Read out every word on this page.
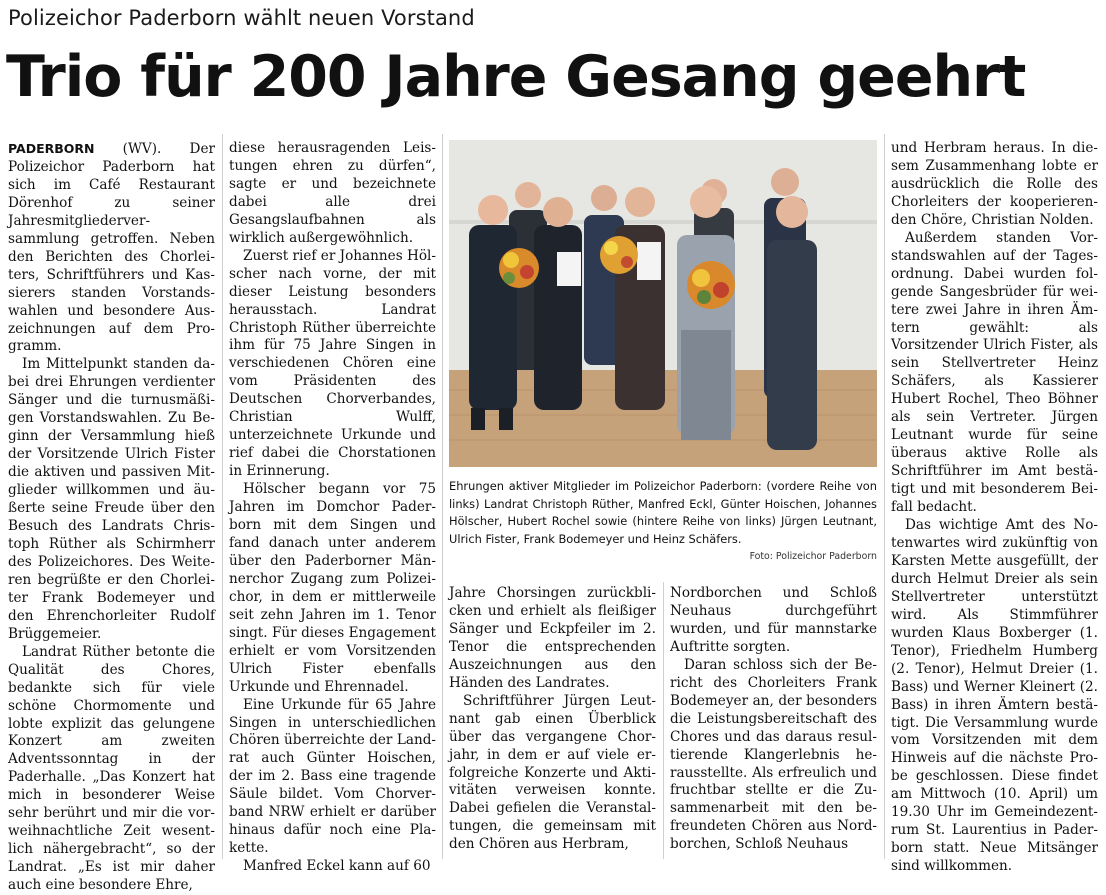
Polizeichor Paderborn wählt neuen Vorstand
Trio für 200 Jahre Gesang geehrt

PADERBORN (WV). Der Polizeichor Paderborn hat sich im Café Restaurant Dörenhof zu seiner Jahresmitgliederversammlung getroffen. Neben den Berichten des Chorleiters, Schriftführers und Kassierers standen Vorstandswahlen und besondere Auszeichnungen auf dem Programm.

Im Mittelpunkt standen dabei drei Ehrungen verdienter Sänger und die turnusmäßigen Vorstandswahlen. Zu Beginn der Versammlung hieß der Vorsitzende Ulrich Fister die aktiven und passiven Mitglieder willkommen und äußerte seine Freude über den Besuch des Landrats Christoph Rüther als Schirmherr des Polizeichores. Des Weiteren begrüßte er den Chorleiter Frank Bodemeyer und den Ehrenchorleiter Rudolf Brüggemeier.

Landrat Rüther betonte die Qualität des Chores, bedankte sich für viele schöne Chormomente und lobte explizit das gelungene Konzert am zweiten Adventssonntag in der Paderhalle. „Das Konzert hat mich in besonderer Weise sehr berührt und mir die vorweihnachtliche Zeit wesentlich nähergebracht“, so der Landrat. „Es ist mir daher auch eine besondere Ehre,

diese herausragenden Leistungen ehren zu dürfen“, sagte er und bezeichnete dabei alle drei Gesangslaufbahnen als wirklich außergewöhnlich.

Zuerst rief er Johannes Hölscher nach vorne, der mit dieser Leistung besonders herausstach. Landrat Christoph Rüther überreichte ihm für 75 Jahre Singen in verschiedenen Chören eine vom Präsidenten des Deutschen Chorverbandes, Christian Wulff, unterzeichnete Urkunde und rief dabei die Chorstationen in Erinnerung.

Hölscher begann vor 75 Jahren im Domchor Paderborn mit dem Singen und fand danach unter anderem über den Paderborner Männerchor Zugang zum Polizeichor, in dem er mittlerweile seit zehn Jahren im 1. Tenor singt. Für dieses Engagement erhielt er vom Vorsitzenden Ulrich Fister ebenfalls Urkunde und Ehrennadel.

Eine Urkunde für 65 Jahre Singen in unterschiedlichen Chören überreichte der Landrat auch Günter Hoischen, der im 2. Bass eine tragende Säule bildet. Vom Chorverband NRW erhielt er darüber hinaus dafür noch eine Plakette.

Manfred Eckel kann auf 60

Ehrungen aktiver Mitglieder im Polizeichor Paderborn: (vordere Reihe von links) Landrat Christoph Rüther, Manfred Eckl, Günter Hoischen, Johannes Hölscher, Hubert Rochel sowie (hintere Reihe von links) Jürgen Leutnant, Ulrich Fister, Frank Bodemeyer und Heinz Schäfers.
Foto: Polizeichor Paderborn

Jahre Chorsingen zurückblicken und erhielt als fleißiger Sänger und Eckpfeiler im 2. Tenor die entsprechenden Auszeichnungen aus den Händen des Landrates.

Schriftführer Jürgen Leutnant gab einen Überblick über das vergangene Chorjahr, in dem er auf viele erfolgreiche Konzerte und Aktivitäten verweisen konnte. Dabei gefielen die Veranstaltungen, die gemeinsam mit den Chören aus Herbram,

Nordborchen und Schloß Neuhaus durchgeführt wurden, und für mannstarke Auftritte sorgten.

Daran schloss sich der Bericht des Chorleiters Frank Bodemeyer an, der besonders die Leistungsbereitschaft des Chores und das daraus resultierende Klangerlebnis herausstellte. Als erfreulich und fruchtbar stellte er die Zusammenarbeit mit den befreundeten Chören aus Nordborchen, Schloß Neuhaus

und Herbram heraus. In diesem Zusammenhang lobte er ausdrücklich die Rolle des Chorleiters der kooperierenden Chöre, Christian Nolden.

Außerdem standen Vorstandswahlen auf der Tagesordnung. Dabei wurden folgende Sangesbrüder für weitere zwei Jahre in ihren Ämtern gewählt: als Vorsitzender Ulrich Fister, als sein Stellvertreter Heinz Schäfers, als Kassierer Hubert Rochel, Theo Böhner als sein Vertreter. Jürgen Leutnant wurde für seine überaus aktive Rolle als Schriftführer im Amt bestätigt und mit besonderem Beifall bedacht.

Das wichtige Amt des Notenwartes wird zukünftig von Karsten Mette ausgefüllt, der durch Helmut Dreier als sein Stellvertreter unterstützt wird. Als Stimmführer wurden Klaus Boxberger (1. Tenor), Friedhelm Humberg (2. Tenor), Helmut Dreier (1. Bass) und Werner Kleinert (2. Bass) in ihren Ämtern bestätigt. Die Versammlung wurde vom Vorsitzenden mit dem Hinweis auf die nächste Probe geschlossen. Diese findet am Mittwoch (10. April) um 19.30 Uhr im Gemeindezentrum St. Laurentius in Paderborn statt. Neue Mitsänger sind willkommen.
